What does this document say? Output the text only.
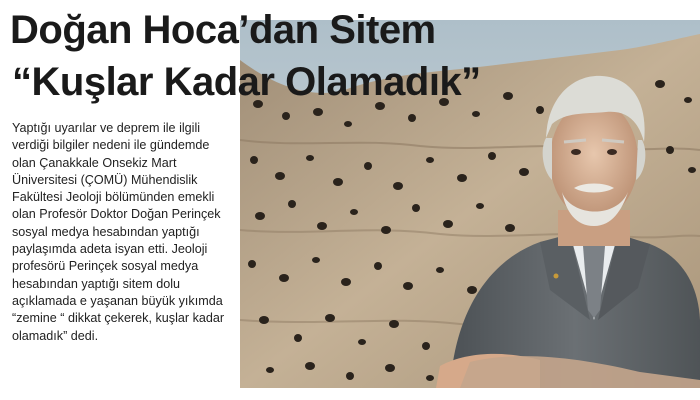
Doğan Hoca’dan Sitem
“Kuşlar Kadar Olamadık”

Yaptığı uyarılar ve deprem ile ilgili verdiği bilgiler nedeni ile gündemde olan Çanakkale Onsekiz Mart Üniversitesi (ÇOMÜ) Mühendislik Fakültesi Jeoloji bölümünden emekli olan Profesör Doktor Doğan Perinçek sosyal medya hesabından yaptığı paylaşımda adeta isyan etti. Jeoloji profesörü Perinçek sosyal medya hesabından yaptığı sitem dolu açıklamada e yaşanan büyük yıkımda “zemine “ dikkat çekerek, kuşlar kadar olamadık” dedi.
